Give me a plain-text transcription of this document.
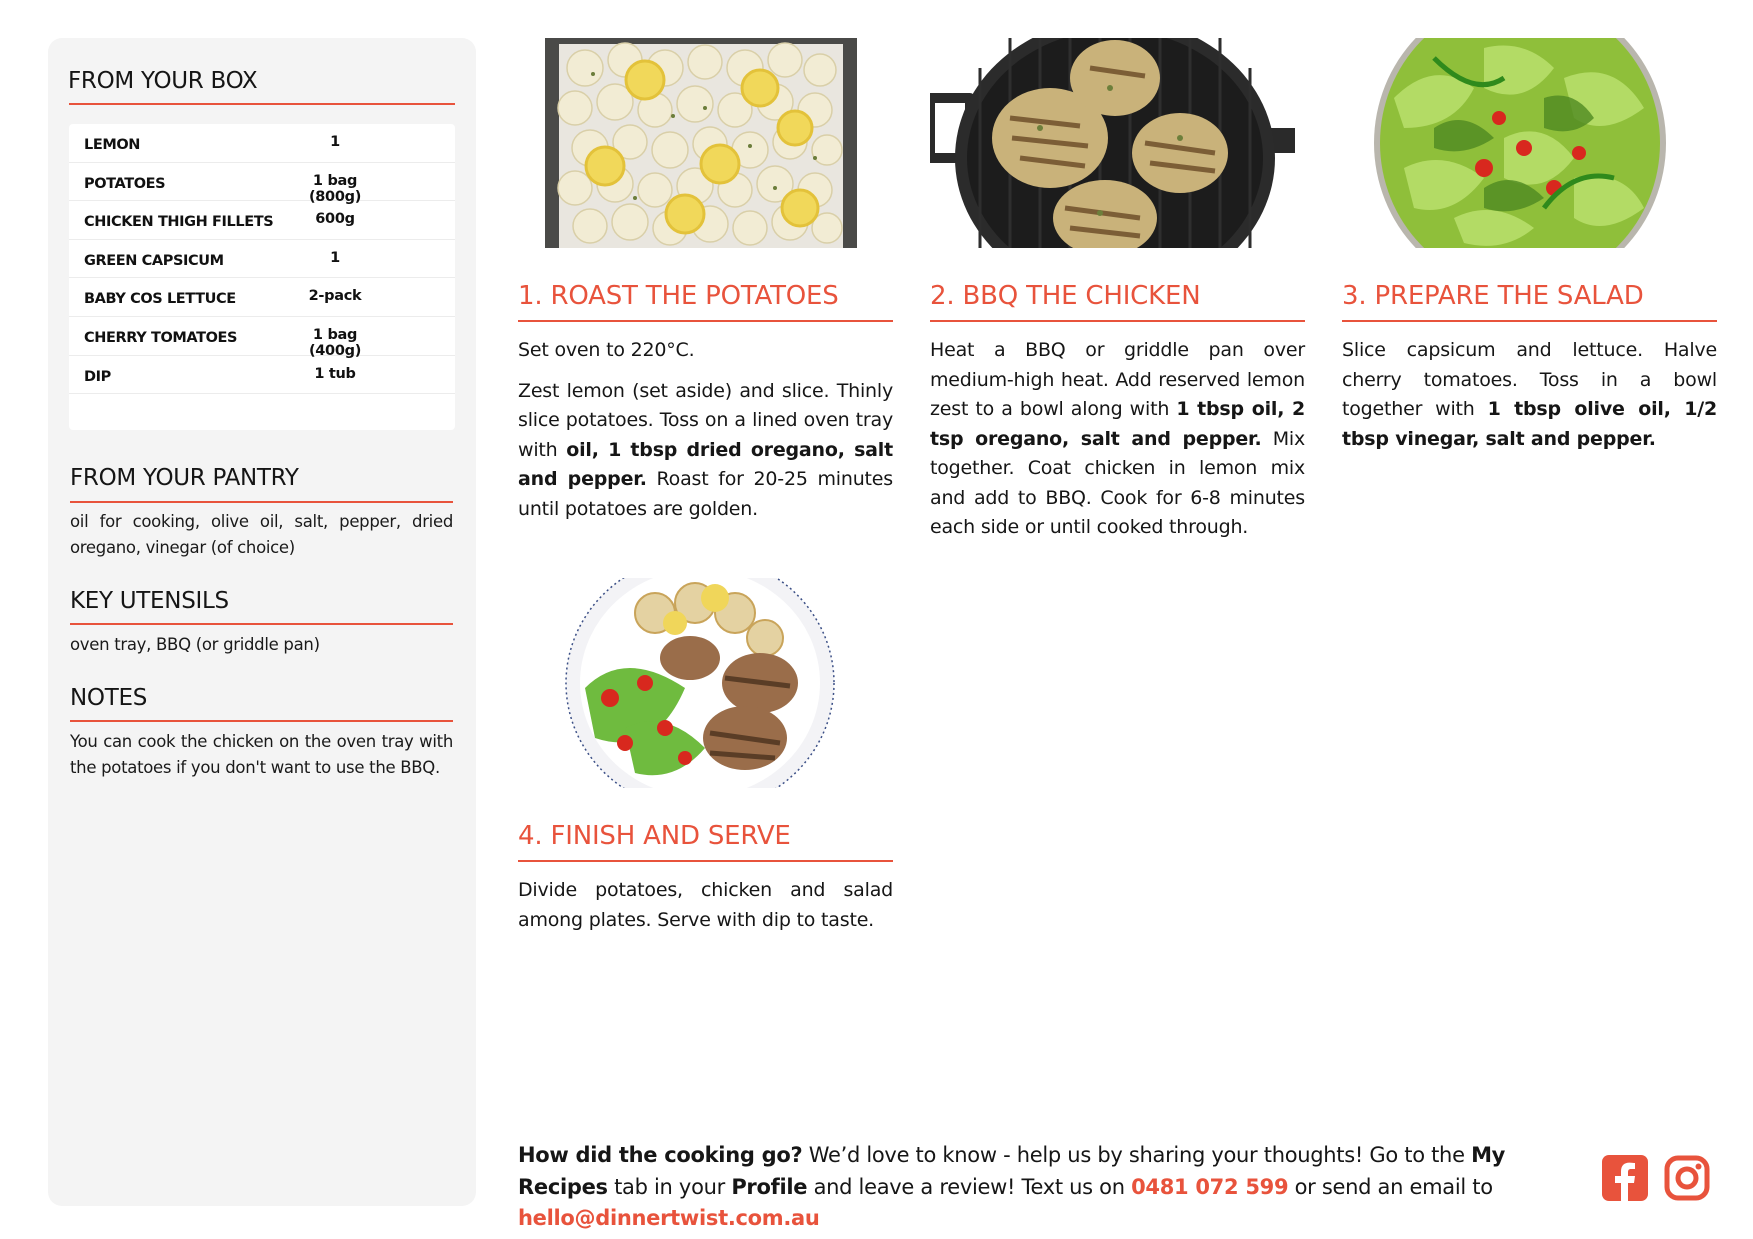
FROM YOUR BOX
LEMON	1
POTATOES	1 bag (800g)
CHICKEN THIGH FILLETS	600g
GREEN CAPSICUM	1
BABY COS LETTUCE	2-pack
CHERRY TOMATOES	1 bag (400g)
DIP	1 tub
FROM YOUR PANTRY
oil for cooking, olive oil, salt, pepper, dried oregano, vinegar (of choice)
KEY UTENSILS
oven tray, BBQ (or griddle pan)
NOTES
You can cook the chicken on the oven tray with the potatoes if you don't want to use the BBQ.
1. ROAST THE POTATOES

Set oven to 220°C.

Zest lemon (set aside) and slice. Thinly slice potatoes. Toss on a lined oven tray with oil, 1 tbsp dried oregano, salt and pepper. Roast for 20-25 minutes until potatoes are golden.

2. BBQ THE CHICKEN

Heat a BBQ or griddle pan over medium-high heat. Add reserved lemon zest to a bowl along with 1 tbsp oil, 2 tsp oregano, salt and pepper. Mix together. Coat chicken in lemon mix and add to BBQ. Cook for 6-8 minutes each side or until cooked through.

3. PREPARE THE SALAD

Slice capsicum and lettuce. Halve cherry tomatoes. Toss in a bowl together with 1 tbsp olive oil, 1/2 tbsp vinegar, salt and pepper.

4. FINISH AND SERVE

Divide potatoes, chicken and salad among plates. Serve with dip to taste.

How did the cooking go? We’d love to know - help us by sharing your thoughts! Go to the My Recipes tab in your Profile and leave a review! Text us on 0481 072 599 or send an email to hello@dinnertwist.com.au
